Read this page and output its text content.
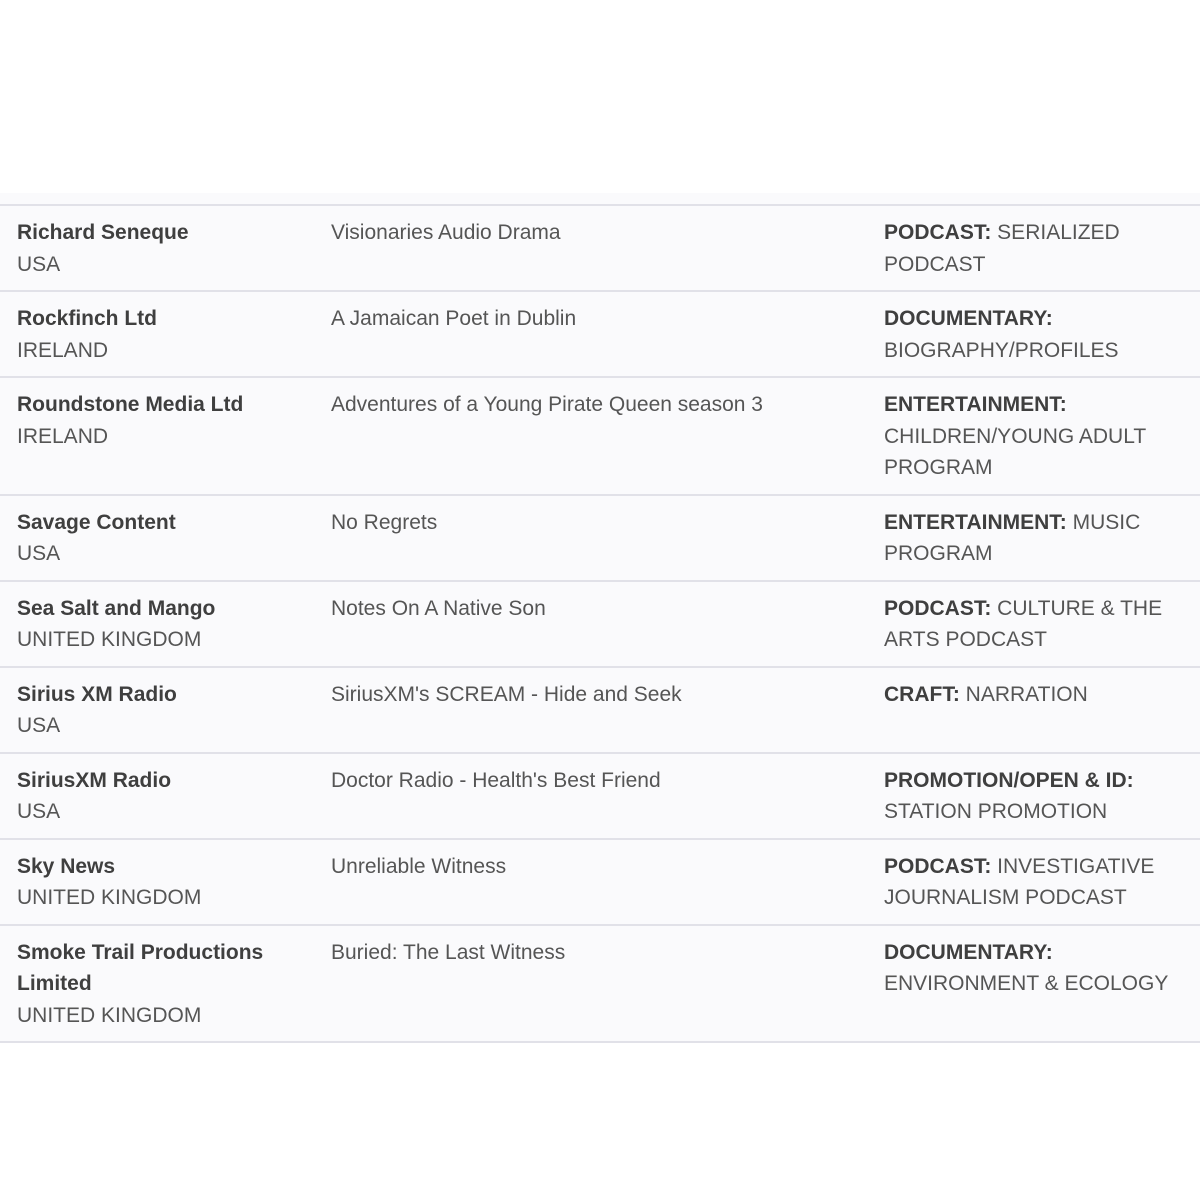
Richard Seneque
USA
Visionaries Audio Drama	PODCAST: SERIALIZED PODCAST
Rockfinch Ltd
IRELAND
A Jamaican Poet in Dublin	DOCUMENTARY: BIOGRAPHY/PROFILES
Roundstone Media Ltd
IRELAND
Adventures of a Young Pirate Queen season 3	ENTERTAINMENT: CHILDREN/YOUNG ADULT PROGRAM
Savage Content
USA
No Regrets	ENTERTAINMENT: MUSIC PROGRAM
Sea Salt and Mango
UNITED KINGDOM
Notes On A Native Son	PODCAST: CULTURE & THE ARTS PODCAST
Sirius XM Radio
USA
SiriusXM's SCREAM - Hide and Seek	CRAFT: NARRATION
SiriusXM Radio
USA
Doctor Radio - Health's Best Friend	PROMOTION/OPEN & ID: STATION PROMOTION
Sky News
UNITED KINGDOM
Unreliable Witness	PODCAST: INVESTIGATIVE JOURNALISM PODCAST
Smoke Trail Productions Limited
UNITED KINGDOM
Buried: The Last Witness	DOCUMENTARY: ENVIRONMENT & ECOLOGY
